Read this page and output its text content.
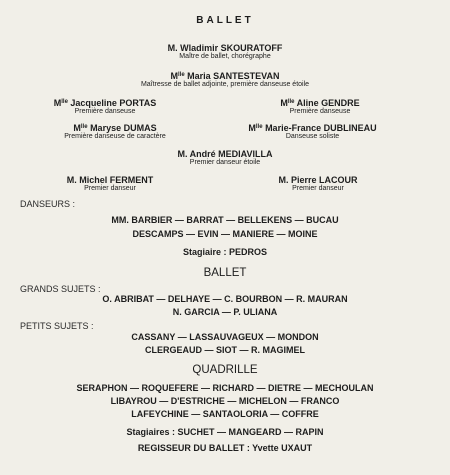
BALLET
M. Wladimir SKOURATOFF
Maître de ballet, chorégraphe
$M^{lle}$ Maria SANTESTEVAN
Maîtresse de ballet adjointe, première danseuse étoile
$M^{lle}$ Jacqueline PORTAS
Première danseuse
$M^{lle}$ Aline GENDRE
Première danseuse
$M^{lle}$ Maryse DUMAS
Première danseuse de caractère
$M^{lle}$ Marie-France DUBLINEAU
Danseuse soliste
M. André MEDIAVILLA
Premier danseur étoile
M. Michel FERMENT
Premier danseur
M. Pierre LACOUR
Premier danseur
DANSEURS :
MM. BARBIER — BARRAT — BELLEKENS — BUCAU
DESCAMPS — EVIN — MANIERE — MOINE
Stagiaire : PEDROS
BALLET
GRANDS SUJETS :
O. ABRIBAT — DELHAYE — C. BOURBON — R. MAURAN
N. GARCIA — P. ULIANA
PETITS SUJETS :
CASSANY — LASSAUVAGEUX — MONDON
CLERGEAUD — SIOT — R. MAGIMEL
QUADRILLE
SERAPHON — ROQUEFERE — RICHARD — DIETRE — MECHOULAN
LIBAYROU — D'ESTRICHE — MICHELON — FRANCO
LAFEYCHINE — SANTAOLORIA — COFFRE
Stagiaires : SUCHET — MANGEARD — RAPIN
REGISSEUR DU BALLET : Yvette UXAUT
